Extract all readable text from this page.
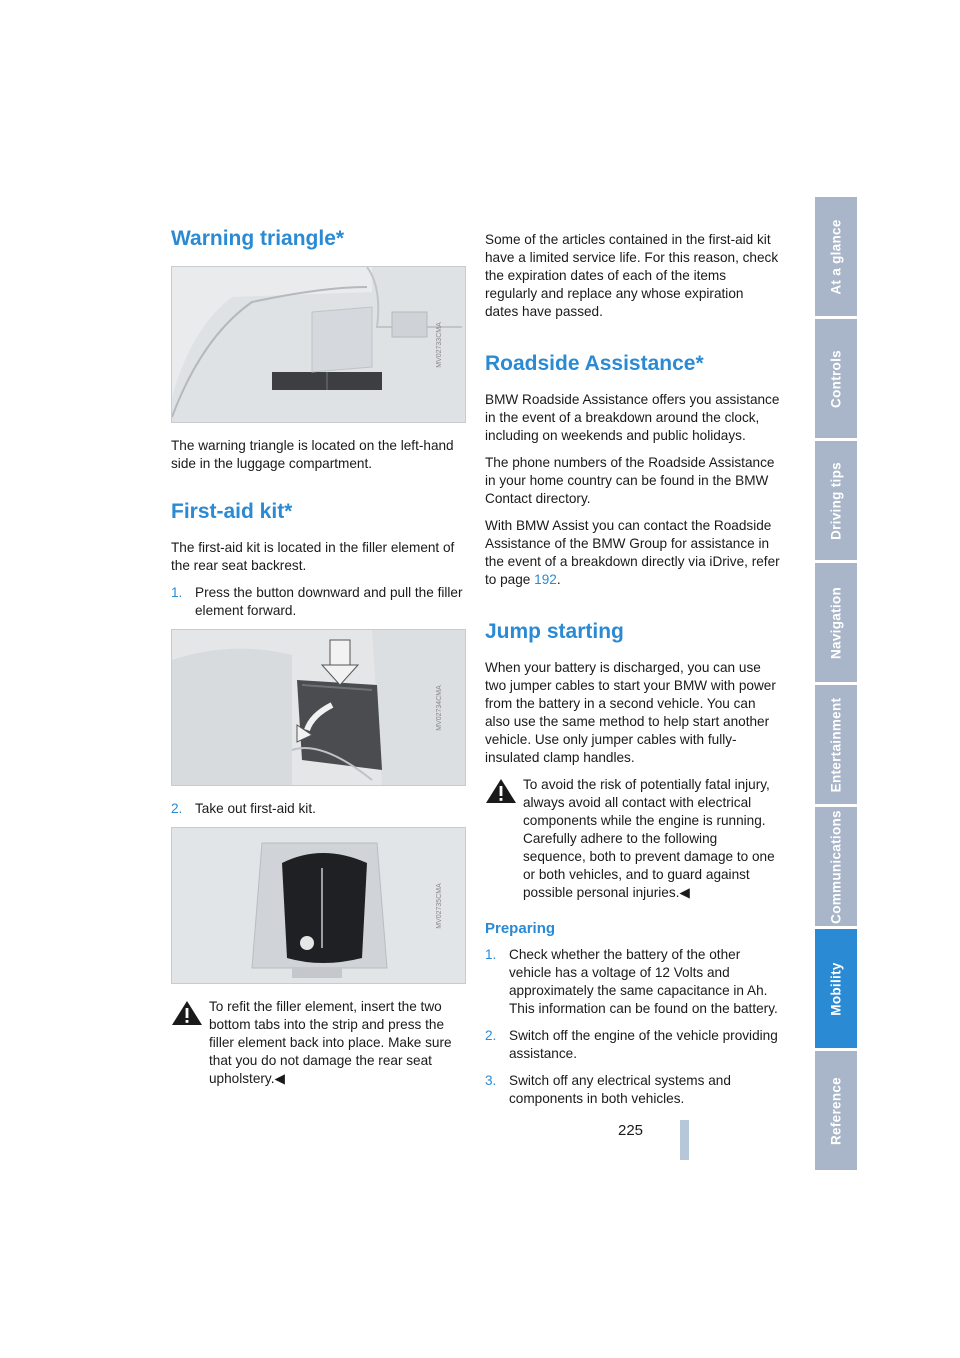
Warning triangle*
MV02733CMA

The warning triangle is located on the left-hand side in the luggage compartment.

First-aid kit*

The first-aid kit is located in the filler element of the rear seat backrest.

1. Press the button downward and pull the filler element forward.
MV02734CMA
2. Take out first-aid kit.
MV02735CMA
To refit the filler element, insert the two bottom tabs into the strip and press the filler element back into place. Make sure that you do not damage the rear seat upholstery.◀

Some of the articles contained in the first-aid kit have a limited service life. For this reason, check the expiration dates of each of the items regularly and replace any whose expiration dates have passed.

Roadside Assistance*

BMW Roadside Assistance offers you assistance in the event of a breakdown around the clock, including on weekends and public holidays.

The phone numbers of the Roadside Assistance in your home country can be found in the BMW Contact directory.

With BMW Assist you can contact the Roadside Assistance of the BMW Group for assistance in the event of a breakdown directly via iDrive, refer to page 192.

Jump starting

When your battery is discharged, you can use two jumper cables to start your BMW with power from the battery in a second vehicle. You can also use the same method to help start another vehicle. Use only jumper cables with fully-insulated clamp handles.

To avoid the risk of potentially fatal injury, always avoid all contact with electrical components while the engine is running. Carefully adhere to the following sequence, both to prevent damage to one or both vehicles, and to guard against possible personal injuries.◀
Preparing
1. Check whether the battery of the other vehicle has a voltage of 12 Volts and approximately the same capacitance in Ah. This information can be found on the battery.
2. Switch off the engine of the vehicle providing assistance.
3. Switch off any electrical systems and components in both vehicles.
225
At a glance
Controls
Driving tips
Navigation
Entertainment
Communications
Mobility
Reference
